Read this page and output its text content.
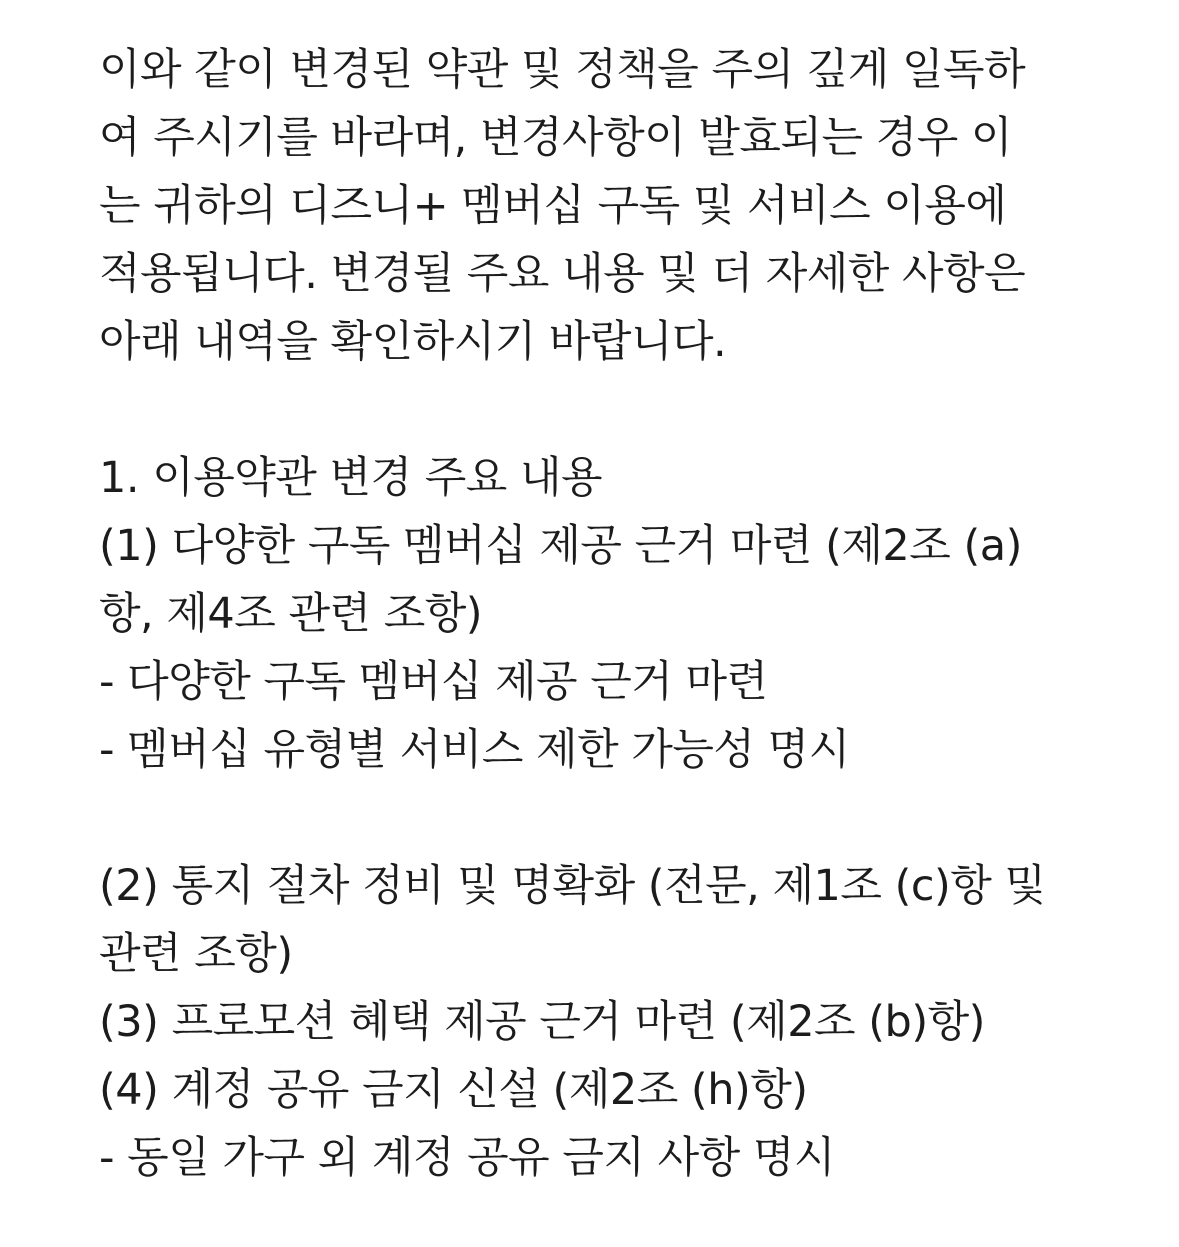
이와 같이 변경된 약관 및 정책을 주의 깊게 일독하
여 주시기를 바라며, 변경사항이 발효되는 경우 이
는 귀하의 디즈니+ 멤버십 구독 및 서비스 이용에
적용됩니다. 변경될 주요 내용 및 더 자세한 사항은
아래 내역을 확인하시기 바랍니다.
1. 이용약관 변경 주요 내용
(1) 다양한 구독 멤버십 제공 근거 마련 (제2조 (a)
항, 제4조 관련 조항)
- 다양한 구독 멤버십 제공 근거 마련
- 멤버십 유형별 서비스 제한 가능성 명시
(2) 통지 절차 정비 및 명확화 (전문, 제1조 (c)항 및
관련 조항)
(3) 프로모션 혜택 제공 근거 마련 (제2조 (b)항)
(4) 계정 공유 금지 신설 (제2조 (h)항)
- 동일 가구 외 계정 공유 금지 사항 명시
